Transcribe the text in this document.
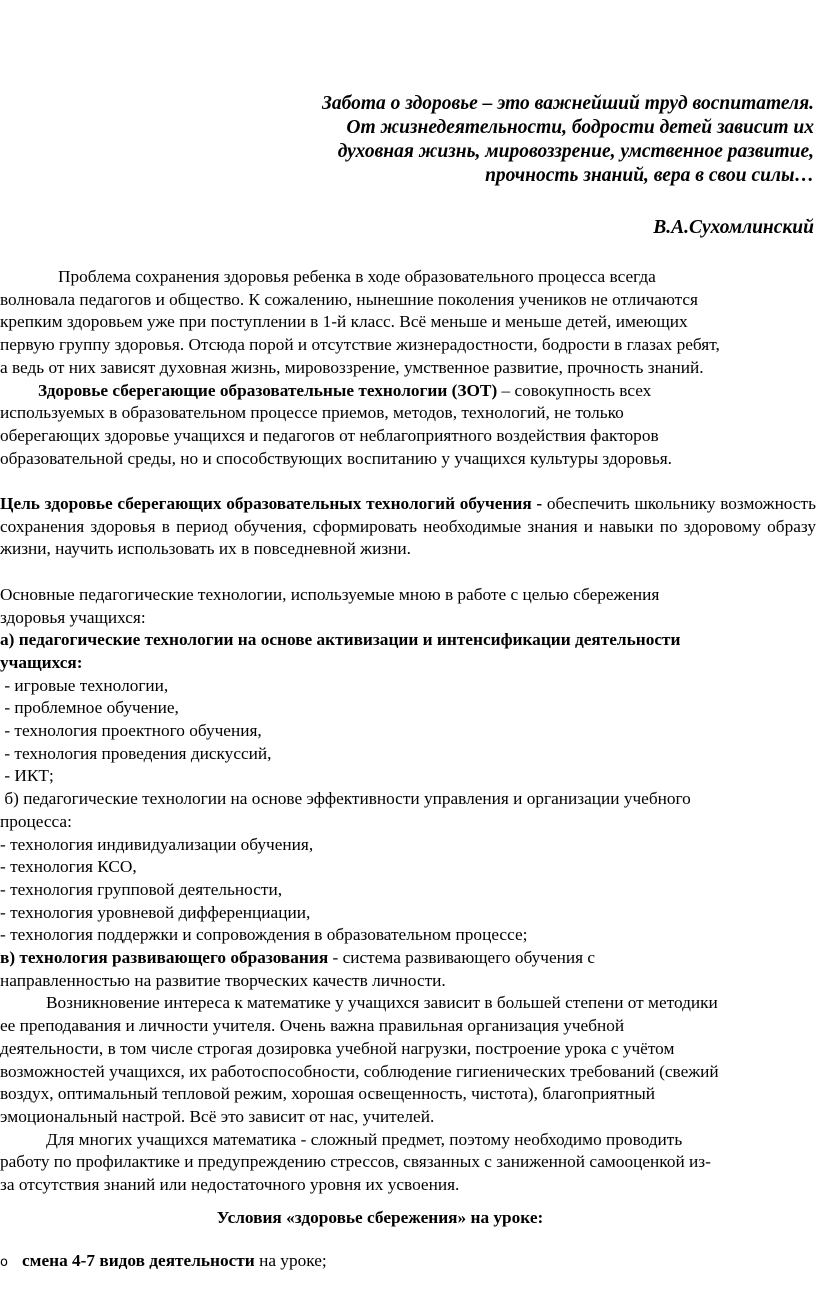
Забота о здоровье – это важнейший труд воспитателя.
От жизнедеятельности, бодрости детей зависит их
духовная жизнь, мировоззрение, умственное развитие,
прочность знаний, вера в свои силы…
В.А.Сухомлинский

Проблема сохранения здоровья ребенка в ходе образовательного процесса всегда

волновала педагогов и общество. К сожалению, нынешние поколения учеников не отличаются

крепким здоровьем уже при поступлении в 1-й класс. Всё меньше и меньше детей, имеющих

первую группу здоровья. Отсюда порой и отсутствие жизнерадостности, бодрости в глазах ребят,

а ведь от них зависят духовная жизнь, мировоззрение, умственное развитие, прочность знаний.

Здоровье сберегающие образовательные технологии (ЗОТ) – совокупность всех

используемых в образовательном процессе приемов, методов, технологий, не только

оберегающих здоровье учащихся и педагогов от неблагоприятного воздействия факторов

образовательной среды, но и способствующих воспитанию у учащихся культуры здоровья.

Цель здоровье сберегающих образовательных технологий обучения - обеспечить школьнику возможность сохранения здоровья в период обучения, сформировать необходимые знания и навыки по здоровому образу жизни, научить использовать их в повседневной жизни.

Основные педагогические технологии, используемые мною в работе с целью сбережения

здоровья учащихся:

а) педагогические технологии на основе активизации и интенсификации деятельности

учащихся:

- игровые технологии,

- проблемное обучение,

- технология проектного обучения,

- технология проведения дискуссий,

- ИКТ;

б) педагогические технологии на основе эффективности управления и организации учебного

процесса:

- технология индивидуализации обучения,

- технология КСО,

- технология групповой деятельности,

- технология уровневой дифференциации,

- технология поддержки и сопровождения в образовательном процессе;

в) технология развивающего образования - система развивающего обучения с

направленностью на развитие творческих качеств личности.

Возникновение интереса к математике у учащихся зависит в большей степени от методики

ее преподавания и личности учителя. Очень важна правильная организация учебной

деятельности, в том числе строгая дозировка учебной нагрузки, построение урока с учётом

возможностей учащихся, их работоспособности, соблюдение гигиенических требований (свежий

воздух, оптимальный тепловой режим, хорошая освещенность, чистота), благоприятный

эмоциональный настрой. Всё это зависит от нас, учителей.

Для многих учащихся математика - сложный предмет, поэтому необходимо проводить

работу по профилактике и предупреждению стрессов, связанных с заниженной самооценкой из-

за отсутствия знаний или недостаточного уровня их усвоения.

Условия «здоровье сбережения» на уроке:
o смена 4-7 видов деятельности на уроке;
